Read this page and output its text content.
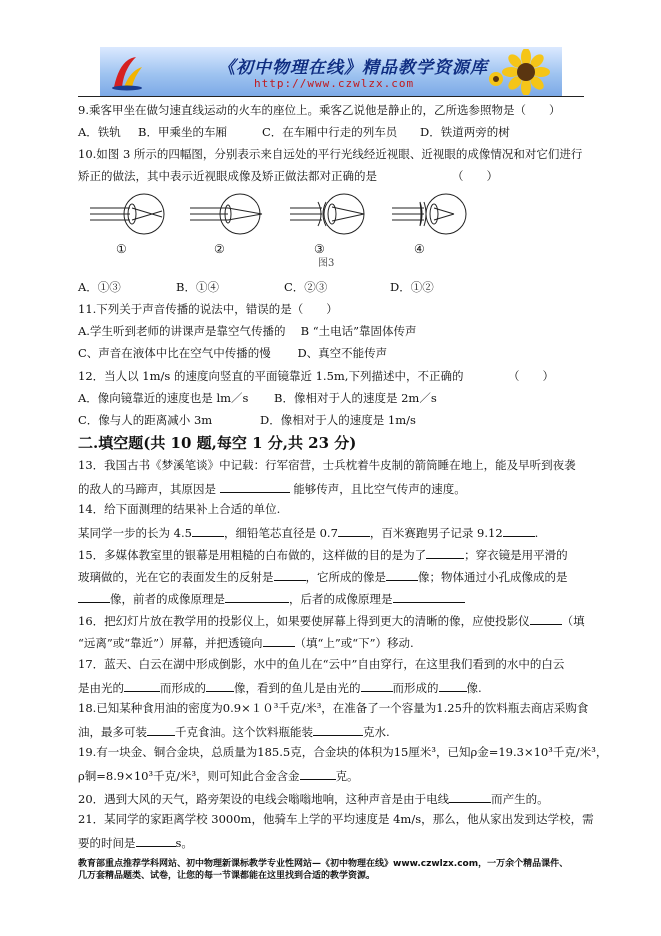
《初中物理在线》精品教学资源库
http://www.czwlzx.com
9.乘客甲坐在做匀速直线运动的火车的座位上。乘客乙说他是静止的，乙所选参照物是（　　）
A．铁轨 B．甲乘坐的车厢	C．在车厢中行走的列车员 D．铁道两旁的树
10.如图 3 所示的四幅图，分别表示来自远处的平行光线经近视眼、近视眼的成像情况和对它们进行
矫正的做法，其中表示近视眼成像及矫正做法都对正确的是	（　　）
①	②	③	④
图3
A．①③	B．①④	C．②③	D．①②
11.下列关于声音传播的说法中，错误的是（　　）
A.学生听到老师的讲课声是靠空气传播的　 B “土电话”靠固体传声
C、声音在液体中比在空气中传播的慢　　 D、真空不能传声
12．当人以 1m/s 的速度向竖直的平面镜靠近 1.5m,下列描述中，不正确的	（　　）
A．像向镜靠近的速度也是 lm／s B．像相对于人的速度是 2m／s
C．像与人的距离减小 3m	D．像相对于人的速度是 1m/s
二.填空题(共 10 题,每空 1 分,共 23 分)
13．我国古书《梦溪笔谈》中记载：行军宿营，士兵枕着牛皮制的箭筒睡在地上，能及早听到夜袭
的敌人的马蹄声，其原因是	能够传声，且比空气传声的速度。
14．给下面测理的结果补上合适的单位.
某同学一步的长为 4.5	，细铅笔芯直径是 0.7	，百米赛跑男子记录 9.12	.
15．多媒体教室里的银幕是用粗糙的白布做的，这样做的目的是为了	；穿衣镜是用平滑的
玻璃做的，光在它的表面发生的反射是	，它所成的像是	像；物体通过小孔成像成的是
像，前者的成像原理是	，后者的成像原理是
16．把幻灯片放在教学用的投影仪上，如果要使屏幕上得到更大的清晰的像，应使投影仪	（填
“远离”或“靠近”）屏幕，并把透镜向	（填“上”或“下”）移动.
17．蓝天、白云在湖中形成倒影，水中的鱼儿在“云中”自由穿行，在这里我们看到的水中的白云
是由光的	而形成的 像，看到的鱼儿是由光的	而形成的 像.
18.已知某种食用油的密度为0.9×１０³千克/米³，在准备了一个容量为1.25升的饮料瓶去商店采购食
油，最多可装 千克食油。这个饮料瓶能装	克水.
19.有一块金、铜合金块，总质量为185.5克，合金块的体积为15厘米³，已知ρ金=19.3×10³千克/米³，
ρ铜=8.9×10³千克/米³，则可知此合金含金	克。
20．遇到大风的天气，路旁架设的电线会嗡嗡地响，这种声音是由于电线	而产生的。
21．某同学的家距离学校 3000m，他骑车上学的平均速度是 4m/s，那么，他从家出发到达学校，需
要的时间是	s。
教育部重点推荐学科网站、初中物理新课标教学专业性网站—《初中物理在线》www.czwlzx.com，一万余个精品课件、
几万套精品题类、试卷，让您的每一节课都能在这里找到合适的教学资源。
